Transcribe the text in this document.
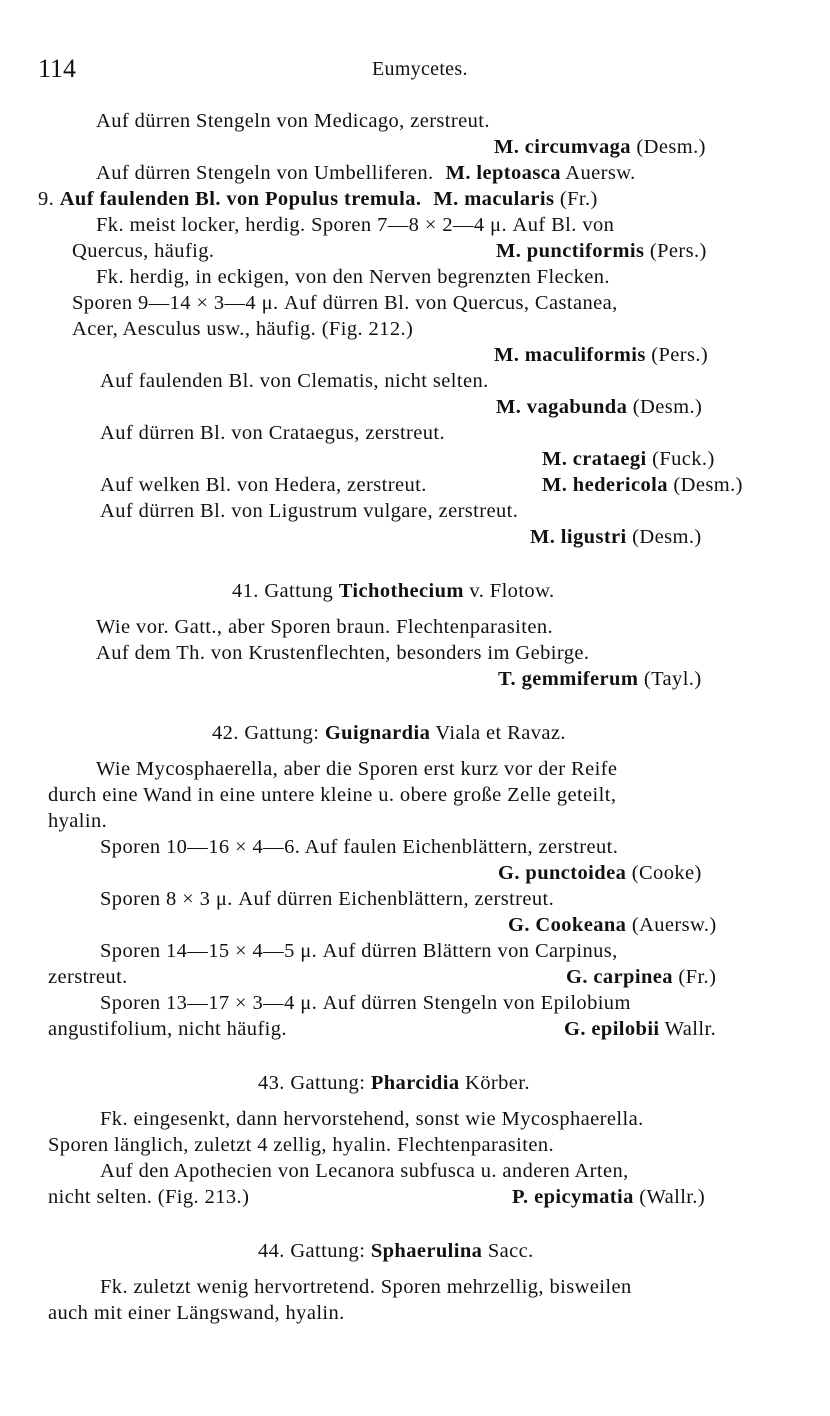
114	Eumycetes.
Auf dürren Stengeln von Medicago, zerstreut.
M. circumvaga (Desm.)
Auf dürren Stengeln von Umbelliferen. M. leptoasca Auersw.
9. Auf faulenden Bl. von Populus tremula. M. macularis (Fr.)
Fk. meist locker, herdig. Sporen 7—8 × 2—4 μ. Auf Bl. von
Quercus, häufig.	M. punctiformis (Pers.)
Fk. herdig, in eckigen, von den Nerven begrenzten Flecken.
Sporen 9—14 × 3—4 μ. Auf dürren Bl. von Quercus, Castanea,
Acer, Aesculus usw., häufig. (Fig. 212.)
M. maculiformis (Pers.)
Auf faulenden Bl. von Clematis, nicht selten.
M. vagabunda (Desm.)
Auf dürren Bl. von Crataegus, zerstreut.
M. crataegi (Fuck.)
Auf welken Bl. von Hedera, zerstreut.	M. hedericola (Desm.)
Auf dürren Bl. von Ligustrum vulgare, zerstreut.
M. ligustri (Desm.)
41. Gattung Tichothecium v. Flotow.
Wie vor. Gatt., aber Sporen braun. Flechtenparasiten.
Auf dem Th. von Krustenflechten, besonders im Gebirge.
T. gemmiferum (Tayl.)
42. Gattung: Guignardia Viala et Ravaz.
Wie Mycosphaerella, aber die Sporen erst kurz vor der Reife
durch eine Wand in eine untere kleine u. obere große Zelle geteilt,
hyalin.
Sporen 10—16 × 4—6. Auf faulen Eichenblättern, zerstreut.
G. punctoidea (Cooke)
Sporen 8 × 3 μ. Auf dürren Eichenblättern, zerstreut.
G. Cookeana (Auersw.)
Sporen 14—15 × 4—5 μ. Auf dürren Blättern von Carpinus,
zerstreut.	G. carpinea (Fr.)
Sporen 13—17 × 3—4 μ. Auf dürren Stengeln von Epilobium
angustifolium, nicht häufig.	G. epilobii Wallr.
43. Gattung: Pharcidia Körber.
Fk. eingesenkt, dann hervorstehend, sonst wie Mycosphaerella.
Sporen länglich, zuletzt 4 zellig, hyalin. Flechtenparasiten.
Auf den Apothecien von Lecanora subfusca u. anderen Arten,
nicht selten. (Fig. 213.)	P. epicymatia (Wallr.)
44. Gattung: Sphaerulina Sacc.
Fk. zuletzt wenig hervortretend. Sporen mehrzellig, bisweilen
auch mit einer Längswand, hyalin.
